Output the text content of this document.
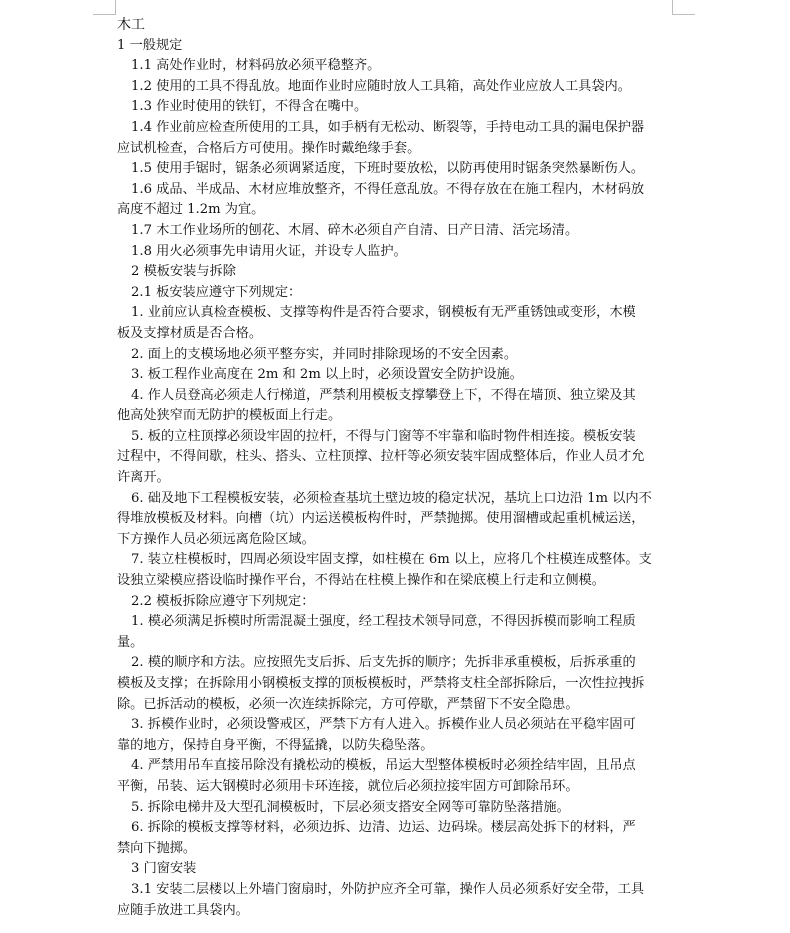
木工
1 一般规定
1.1 高处作业时，材料码放必须平稳整齐。
1.2 使用的工具不得乱放。地面作业时应随时放人工具箱，高处作业应放人工具袋内。
1.3 作业时使用的铁钉，不得含在嘴中。
1.4 作业前应检查所使用的工具，如手柄有无松动、断裂等，手持电动工具的漏电保护器
应试机检查，合格后方可使用。操作时戴绝缘手套。
1.5 使用手锯时，锯条必须调紧适度，下班时要放松，以防再使用时锯条突然暴断伤人。
1.6 成品、半成品、木材应堆放整齐，不得任意乱放。不得存放在在施工程内，木材码放
高度不超过 1.2m 为宜。
1.7 木工作业场所的刨花、木屑、碎木必须自产自清、日产日清、活完场清。
1.8 用火必须事先申请用火证，并设专人监护。
2 模板安装与拆除
2.1 板安装应遵守下列规定：
1. 业前应认真检查模板、支撑等构件是否符合要求，钢模板有无严重锈蚀或变形，木模
板及支撑材质是否合格。
2. 面上的支模场地必须平整夯实，并同时排除现场的不安全因素。
3. 板工程作业高度在 2m 和 2m 以上时，必须设置安全防护设施。
4. 作人员登高必须走人行梯道，严禁利用模板支撑攀登上下，不得在墙顶、独立梁及其
他高处狭窄而无防护的模板面上行走。
5. 板的立柱顶撑必须设牢固的拉杆，不得与门窗等不牢靠和临时物件相连接。模板安装
过程中，不得间歇，柱头、搭头、立柱顶撑、拉杆等必须安装牢固成整体后，作业人员才允
许离开。
6. 础及地下工程模板安装，必须检查基坑土壁边坡的稳定状况，基坑上口边沿 1m 以内不
得堆放模板及材料。向槽（坑）内运送模板构件时，严禁抛掷。使用溜槽或起重机械运送，
下方操作人员必须远离危险区域。
7. 装立柱模板时，四周必须设牢固支撑，如柱模在 6m 以上，应将几个柱模连成整体。支
设独立梁模应搭设临时操作平台，不得站在柱模上操作和在梁底模上行走和立侧模。
2.2 模板拆除应遵守下列规定：
1. 模必须满足拆模时所需混凝土强度，经工程技术领导同意，不得因拆模而影响工程质
量。
2. 模的顺序和方法。应按照先支后拆、后支先拆的顺序；先拆非承重模板，后拆承重的
模板及支撑；在拆除用小钢模板支撑的顶板模板时，严禁将支柱全部拆除后，一次性拉拽拆
除。已拆活动的模板，必须一次连续拆除完，方可停歇，严禁留下不安全隐患。
3. 拆模作业时，必须设警戒区，严禁下方有人进入。拆模作业人员必须站在平稳牢固可
靠的地方，保持自身平衡，不得猛撬，以防失稳坠落。
4. 严禁用吊车直接吊除没有撬松动的模板，吊运大型整体模板时必须拴结牢固，且吊点
平衡，吊装、运大钢模时必须用卡环连接，就位后必须拉接牢固方可卸除吊环。
5. 拆除电梯井及大型孔洞模板时，下层必须支搭安全网等可靠防坠落措施。
6. 拆除的模板支撑等材料，必须边拆、边清、边运、边码垛。楼层高处拆下的材料，严
禁向下抛掷。
3 门窗安装
3.1 安装二层楼以上外墙门窗扇时，外防护应齐全可靠，操作人员必须系好安全带，工具
应随手放进工具袋内。
